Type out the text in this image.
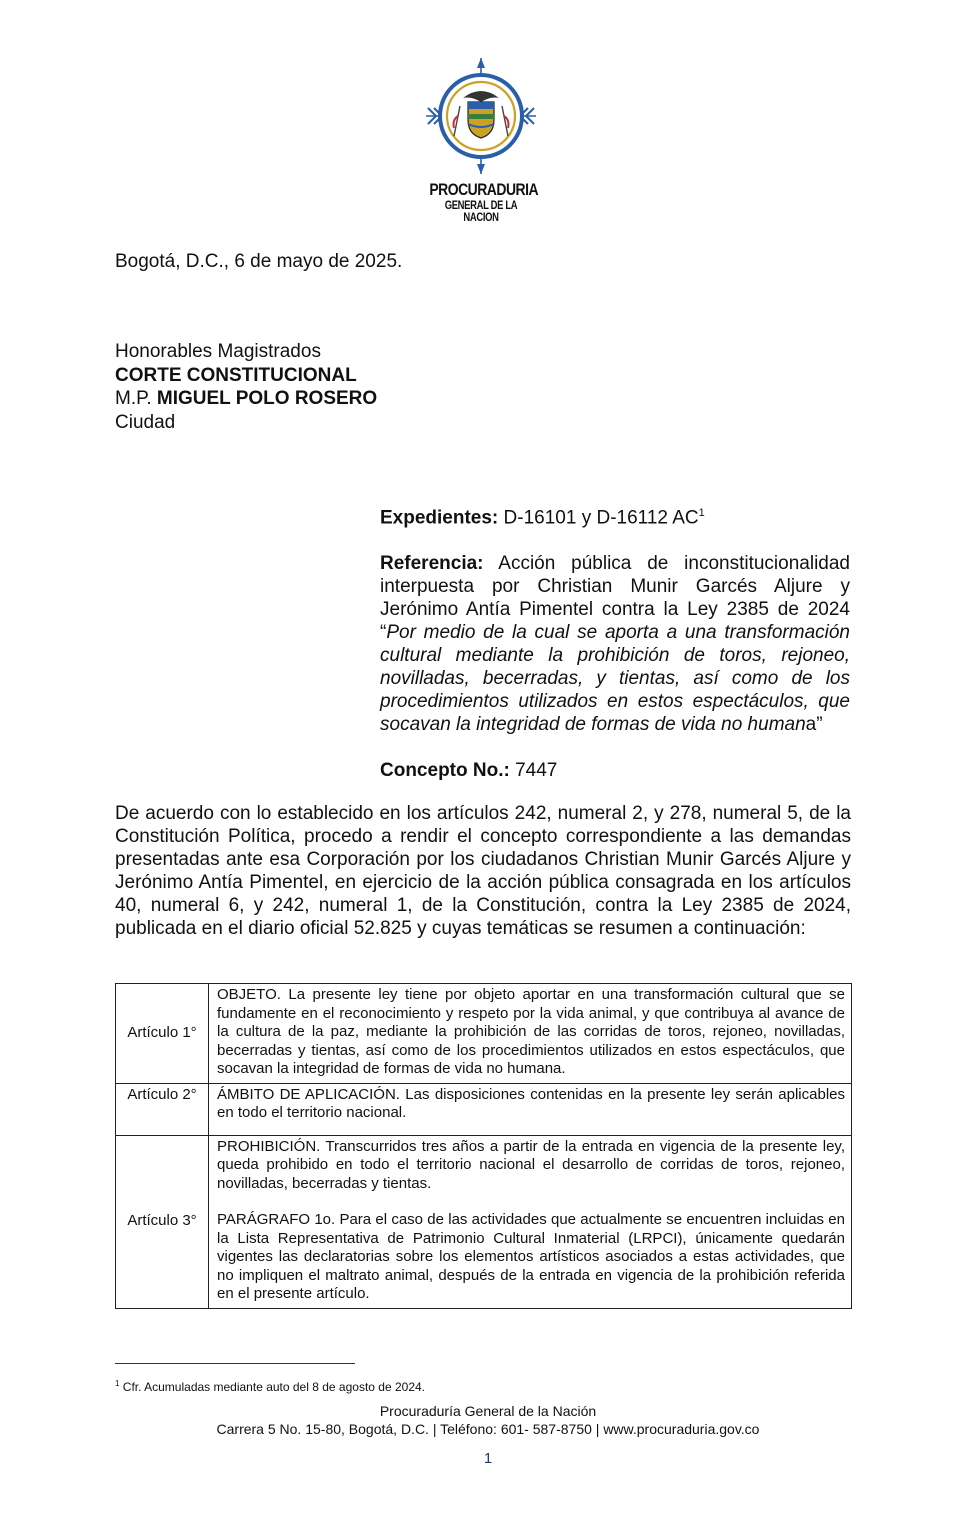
PROCURADURIA
GENERAL DE LA NACION
Bogotá, D.C., 6 de mayo de 2025.
Honorables Magistrados
CORTE CONSTITUCIONAL
M.P. MIGUEL POLO ROSERO
Ciudad
Expedientes: D-16101 y D-16112 $AC^1$
Referencia: Acción pública de inconstitucionalidad interpuesta por Christian Munir Garcés Aljure y Jerónimo Antía Pimentel contra la Ley 2385 de 2024 “Por medio de la cual se aporta a una transformación cultural mediante la prohibición de toros, rejoneo, novilladas, becerradas, y tientas, así como de los procedimientos utilizados en estos espectáculos, que socavan la integridad de formas de vida no humana”
Concepto No.: 7447
De acuerdo con lo establecido en los artículos 242, numeral 2, y 278, numeral 5, de la Constitución Política, procedo a rendir el concepto correspondiente a las demandas presentadas ante esa Corporación por los ciudadanos Christian Munir Garcés Aljure y Jerónimo Antía Pimentel, en ejercicio de la acción pública consagrada en los artículos 40, numeral 6, y 242, numeral 1, de la Constitución, contra la Ley 2385 de 2024, publicada en el diario oficial 52.825 y cuyas temáticas se resumen a continuación:
Artículo 1°	OBJETO. La presente ley tiene por objeto aportar en una transformación cultural que se fundamente en el reconocimiento y respeto por la vida animal, y que contribuya al avance de la cultura de la paz, mediante la prohibición de las corridas de toros, rejoneo, novilladas, becerradas y tientas, así como de los procedimientos utilizados en estos espectáculos, que socavan la integridad de formas de vida no humana.
Artículo 2°	ÁMBITO DE APLICACIÓN. Las disposiciones contenidas en la presente ley serán aplicables en todo el territorio nacional.
Artículo 3°	PROHIBICIÓN. Transcurridos tres años a partir de la entrada en vigencia de la presente ley, queda prohibido en todo el territorio nacional el desarrollo de corridas de toros, rejoneo, novilladas, becerradas y tientas.
PARÁGRAFO 1o. Para el caso de las actividades que actualmente se encuentren incluidas en la Lista Representativa de Patrimonio Cultural Inmaterial (LRPCI), únicamente quedarán vigentes las declaratorias sobre los elementos artísticos asociados a estas actividades, que no impliquen el maltrato animal, después de la entrada en vigencia de la prohibición referida en el presente artículo.
$^1$ Cfr. Acumuladas mediante auto del 8 de agosto de 2024.
Procuraduría General de la Nación
Carrera 5 No. 15-80, Bogotá, D.C. | Teléfono: 601- 587-8750 | www.procuraduria.gov.co
1
